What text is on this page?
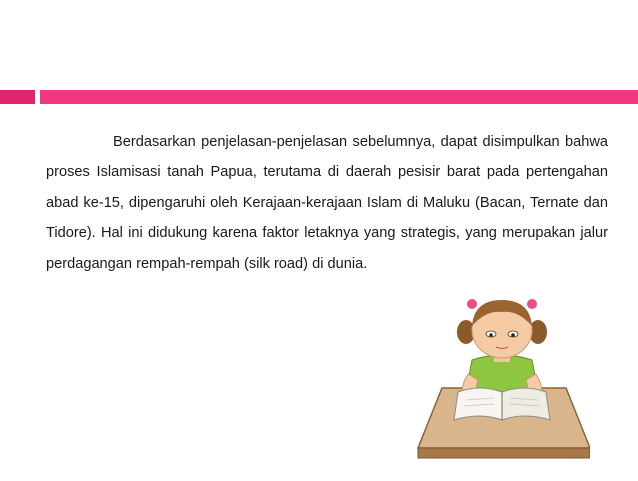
Berdasarkan penjelasan-penjelasan sebelumnya, dapat disimpulkan bahwa proses Islamisasi tanah Papua, terutama di daerah pesisir barat pada pertengahan abad ke-15, dipengaruhi oleh Kerajaan-kerajaan Islam di Maluku (Bacan, Ternate dan Tidore). Hal ini didukung karena faktor letaknya yang strategis, yang merupakan jalur perdagangan rempah-rempah (silk road) di dunia.
